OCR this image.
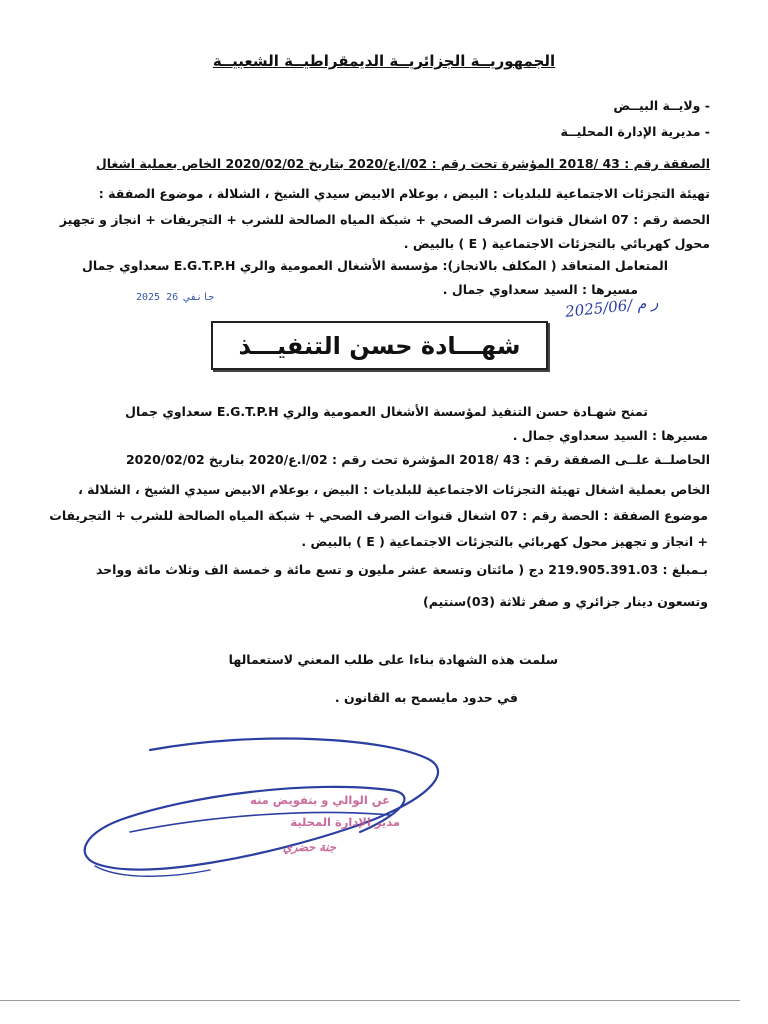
الجمهوريــة الجزائريــة الديمقراطيــة الشعبيــة
- ولايــة البيــض
- مديرية الإدارة المحليــة
الصفقة رقم : 43 /2018 المؤشرة تحت رقم : 02/ا.ع/2020 بتاريخ 2020/02/02 الخاص بعملية اشغال
تهيئة التجزئات الاجتماعية للبلديات : البيض ، بوعلام الابيض سيدي الشيخ ، الشلالة ، موضوع الصفقة :
الحصة رقم : 07 اشغال قنوات الصرف الصحي + شبكة المياه الصالحة للشرب + التجريفات + انجاز و تجهيز
محول كهربائي بالتجزئات الاجتماعية ( E ) بالبيض .
المتعامل المتعاقد ( المكلف بالانجاز): مؤسسة الأشغال العمومية والري E.G.T.P.H سعداوي جمال
مسيرها : السيد سعداوي جمال .
2025 جانفي 26	2025/06/ ر م
شهـــادة حسن التنفيـــذ
تمنح شهـادة حسن التنفيذ لمؤسسة الأشغال العمومية والري E.G.T.P.H سعداوي جمال
مسيرها : السيد سعداوي جمال .
الحاصلــة علــى الصفقة رقم : 43 /2018 المؤشرة تحت رقم : 02/ا.ع/2020 بتاريخ 2020/02/02
الخاص بعملية اشغال تهيئة التجزئات الاجتماعية للبلديات : البيض ، بوعلام الابيض سيدي الشيخ ، الشلالة ،
موضوع الصفقة : الحصة رقم : 07 اشغال قنوات الصرف الصحي + شبكة المياه الصالحة للشرب + التجريفات
+ انجاز و تجهيز محول كهربائي بالتجزئات الاجتماعية ( E ) بالبيض .
بـمبلغ : 219.905.391.03 دج ( مائتان وتسعة عشر مليون و تسع مائة و خمسة الف وثلاث مائة وواحد
وتسعون دينار جزائري و صفر ثلاثة (03)سنتيم)
سلمت هذه الشهادة بناءا على طلب المعني لاستعمالها
في حدود مايسمح به القانون .
عن الوالي و بتفويض منه
مدير الإدارة المحلية
جنة حضري
